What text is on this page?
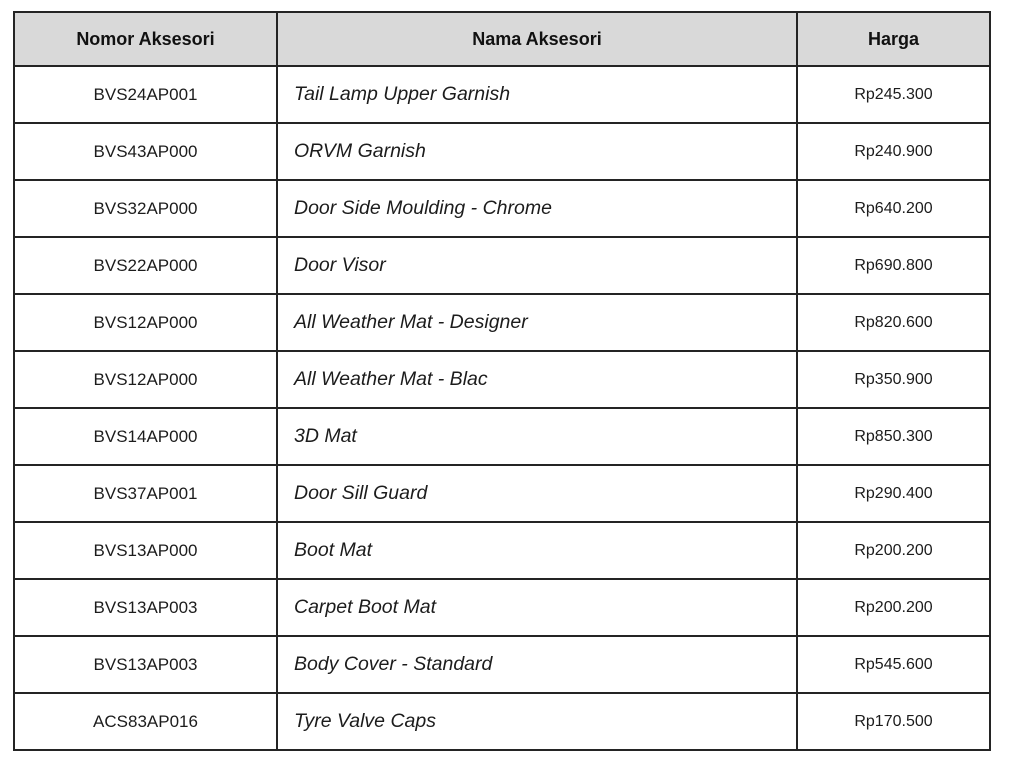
Nomor Aksesori	Nama Aksesori	Harga
BVS24AP001	Tail Lamp Upper Garnish	Rp245.300
BVS43AP000	ORVM Garnish	Rp240.900
BVS32AP000	Door Side Moulding - Chrome	Rp640.200
BVS22AP000	Door Visor	Rp690.800
BVS12AP000	All Weather Mat - Designer	Rp820.600
BVS12AP000	All Weather Mat - Blac	Rp350.900
BVS14AP000	3D Mat	Rp850.300
BVS37AP001	Door Sill Guard	Rp290.400
BVS13AP000	Boot Mat	Rp200.200
BVS13AP003	Carpet Boot Mat	Rp200.200
BVS13AP003	Body Cover - Standard	Rp545.600
ACS83AP016	Tyre Valve Caps	Rp170.500
